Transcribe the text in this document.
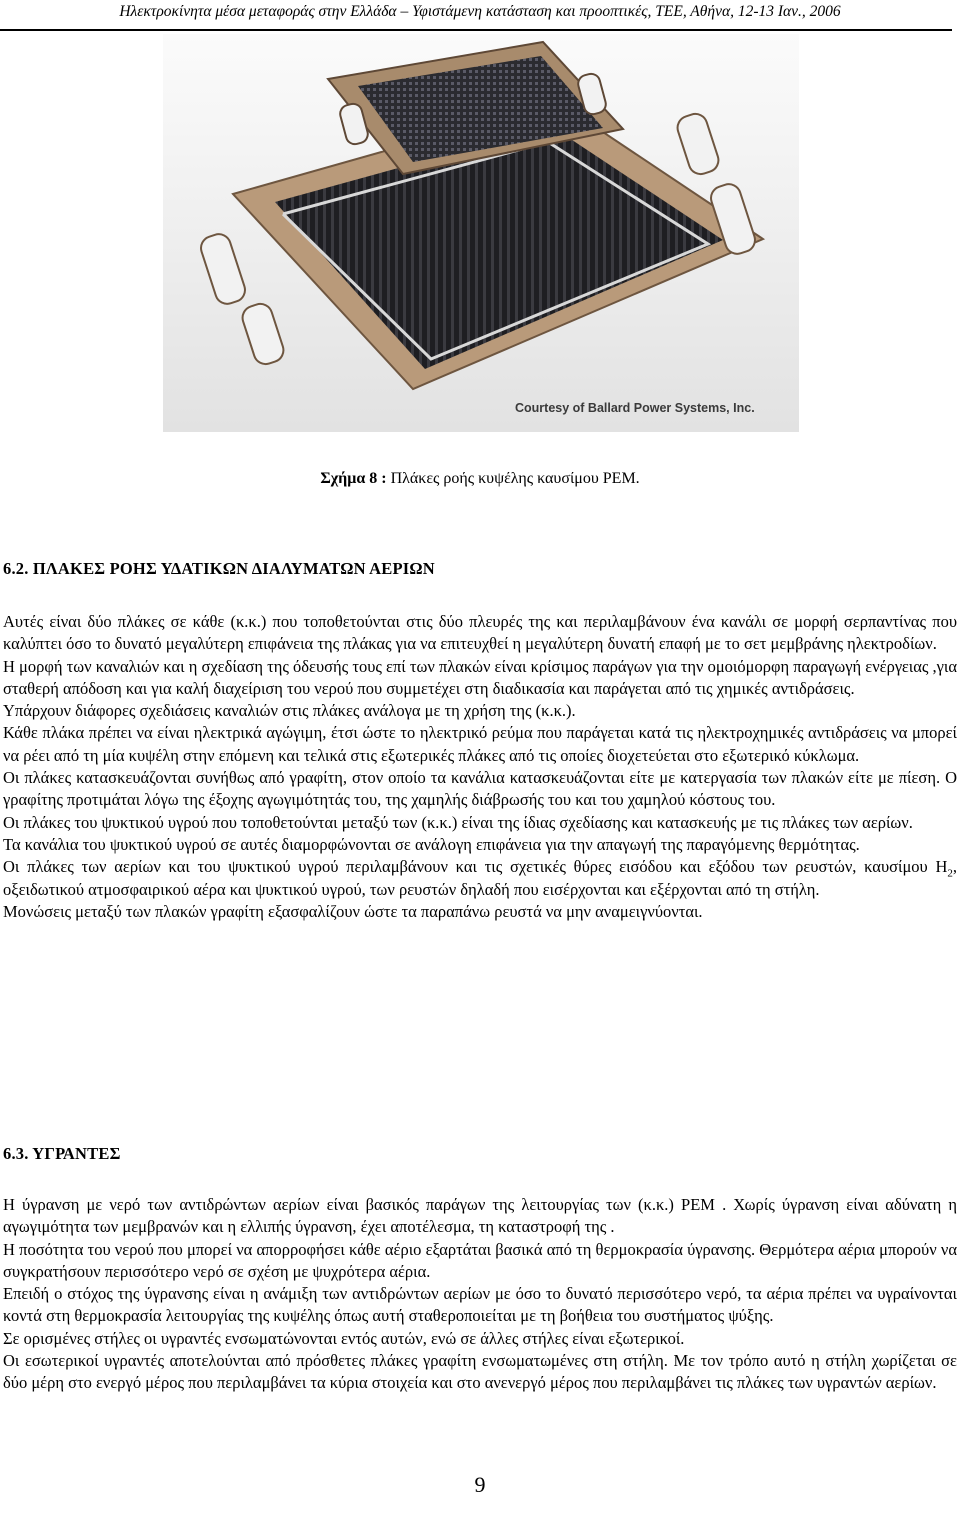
Ηλεκτροκίνητα μέσα μεταφοράς στην Ελλάδα – Υφιστάμενη κατάσταση και προοπτικές, ΤΕΕ, Αθήνα, 12-13 Ιαν., 2006
Courtesy of Ballard Power Systems, Inc.
Σχήμα 8 : Πλάκες ροής κυψέλης καυσίμου PEM.
6.2. ΠΛΑΚΕΣ ΡΟΗΣ ΥΔΑΤΙΚΩΝ ΔΙΑΛΥΜΑΤΩΝ ΑΕΡΙΩΝ

Αυτές είναι δύο πλάκες σε κάθε (κ.κ.) που τοποθετούνται στις δύο πλευρές της και περιλαμβάνουν ένα κανάλι σε μορφή σερπαντίνας που καλύπτει όσο το δυνατό μεγαλύτερη επιφάνεια της πλάκας για να επιτευχθεί η μεγαλύτερη δυνατή επαφή με το σετ μεμβράνης ηλεκτροδίων.

Η μορφή των καναλιών και η σχεδίαση της όδευσής τους επί των πλακών είναι κρίσιμος παράγων για την ομοιόμορφη παραγωγή ενέργειας ,για σταθερή απόδοση και για καλή διαχείριση του νερού που συμμετέχει στη διαδικασία και παράγεται από τις χημικές αντιδράσεις.

Υπάρχουν διάφορες σχεδιάσεις καναλιών στις πλάκες ανάλογα με τη χρήση της (κ.κ.).

Κάθε πλάκα πρέπει να είναι ηλεκτρικά αγώγιμη, έτσι ώστε το ηλεκτρικό ρεύμα που παράγεται κατά τις ηλεκτροχημικές αντιδράσεις να μπορεί να ρέει από τη μία κυψέλη στην επόμενη και τελικά στις εξωτερικές πλάκες από τις οποίες διοχετεύεται στο εξωτερικό κύκλωμα.

Οι πλάκες κατασκευάζονται συνήθως από γραφίτη, στον οποίο τα κανάλια κατασκευάζονται είτε με κατεργασία των πλακών είτε με πίεση. Ο γραφίτης προτιμάται λόγω της έξοχης αγωγιμότητάς του, της χαμηλής διάβρωσής του και του χαμηλού κόστους του.

Οι πλάκες του ψυκτικού υγρού που τοποθετούνται μεταξύ των (κ.κ.) είναι της ίδιας σχεδίασης και κατασκευής με τις πλάκες των αερίων.

Τα κανάλια του ψυκτικού υγρού σε αυτές διαμορφώνονται σε ανάλογη επιφάνεια για την απαγωγή της παραγόμενης θερμότητας.

Οι πλάκες των αερίων και του ψυκτικού υγρού περιλαμβάνουν και τις σχετικές θύρες εισόδου και εξόδου των ρευστών, καυσίμου $H_2$, οξειδωτικού ατμοσφαιρικού αέρα και ψυκτικού υγρού, των ρευστών δηλαδή που εισέρχονται και εξέρχονται από τη στήλη.

Μονώσεις μεταξύ των πλακών γραφίτη εξασφαλίζουν ώστε τα παραπάνω ρευστά να μην αναμειγνύονται.

6.3. ΥΓΡΑΝΤΕΣ

Η ύγρανση με νερό των αντιδρώντων αερίων είναι βασικός παράγων της λειτουργίας των (κ.κ.) PEM . Χωρίς ύγρανση είναι αδύνατη η αγωγιμότητα των μεμβρανών και η ελλιπής ύγρανση, έχει αποτέλεσμα, τη καταστροφή της .

Η ποσότητα του νερού που μπορεί να απορροφήσει κάθε αέριο εξαρτάται βασικά από τη θερμοκρασία ύγρανσης. Θερμότερα αέρια μπορούν να συγκρατήσουν περισσότερο νερό σε σχέση με ψυχρότερα αέρια.

Επειδή ο στόχος της ύγρανσης είναι η ανάμιξη των αντιδρώντων αερίων με όσο το δυνατό περισσότερο νερό, τα αέρια πρέπει να υγραίνονται κοντά στη θερμοκρασία λειτουργίας της κυψέλης όπως αυτή σταθεροποιείται με τη βοήθεια του συστήματος ψύξης.

Σε ορισμένες στήλες οι υγραντές ενσωματώνονται εντός αυτών, ενώ σε άλλες στήλες είναι εξωτερικοί.

Οι εσωτερικοί υγραντές αποτελούνται από πρόσθετες πλάκες γραφίτη ενσωματωμένες στη στήλη. Με τον τρόπο αυτό η στήλη χωρίζεται σε δύο μέρη στο ενεργό μέρος που περιλαμβάνει τα κύρια στοιχεία και στο ανενεργό μέρος που περιλαμβάνει τις πλάκες των υγραντών αερίων.

9
